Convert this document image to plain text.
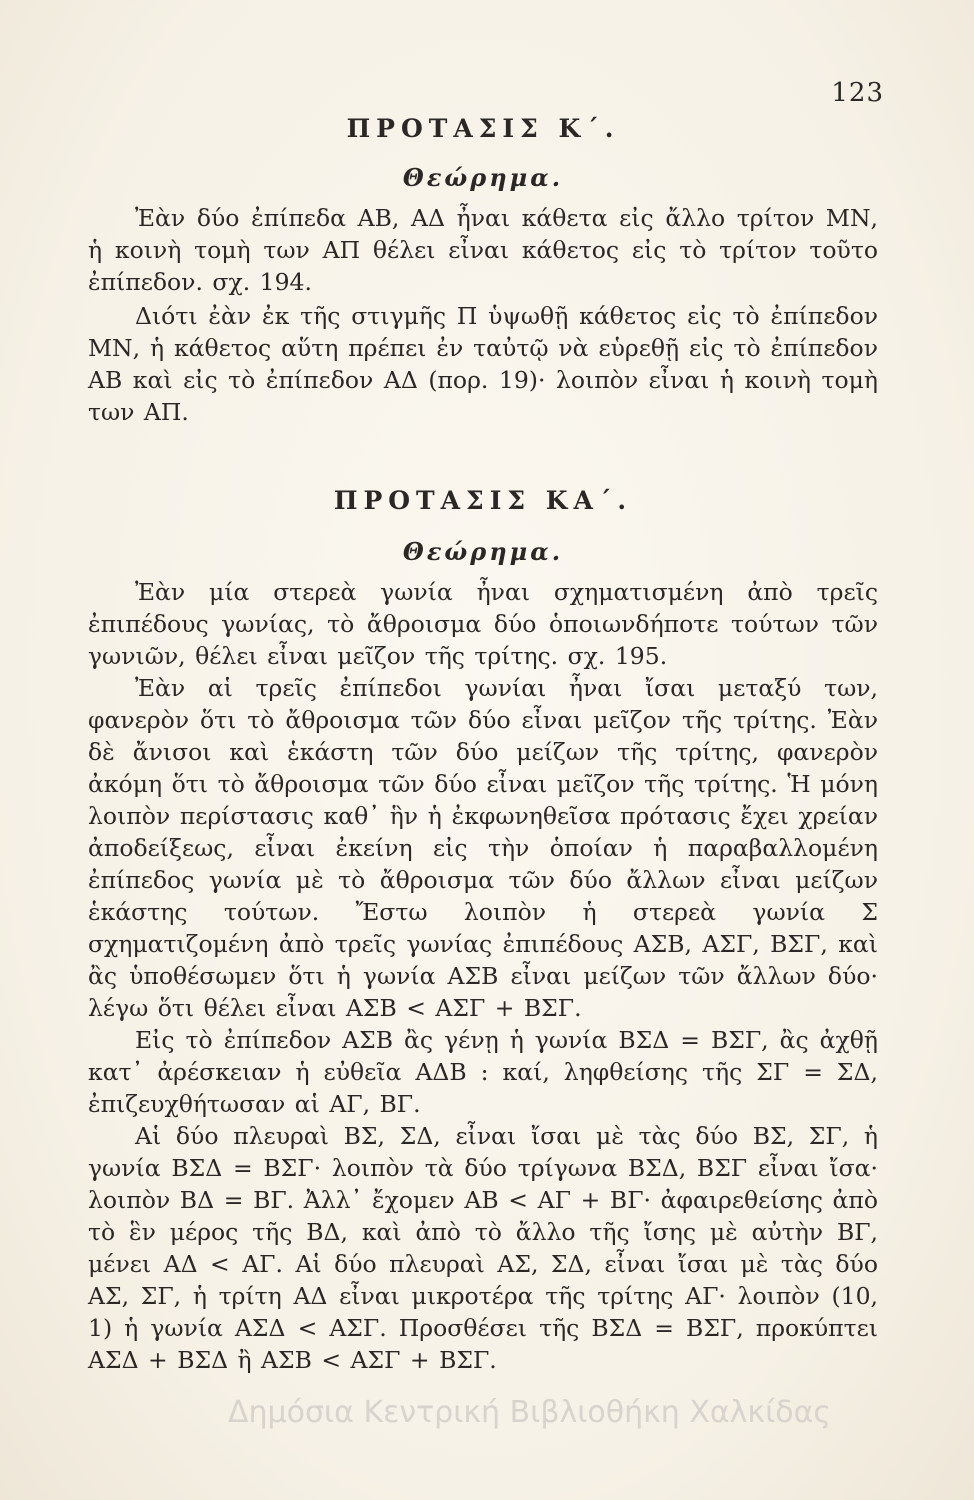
123
ΠΡΟΤΑΣΙΣ Κ΄.
Θεώρημα.

Ἐὰν δύο ἐπίπεδα ΑΒ, ΑΔ ἦναι κάθετα εἰς ἄλλο τρίτον ΜΝ, ἡ κοινὴ τομὴ των ΑΠ θέλει εἶναι κάθετος εἰς τὸ τρίτον τοῦτο ἐπίπεδον. σχ. 194.

Διότι ἐὰν ἐκ τῆς στιγμῆς Π ὑψωθῇ κάθετος εἰς τὸ ἐπίπεδον ΜΝ, ἡ κάθετος αὕτη πρέπει ἐν ταὐτῷ νὰ εὑρεθῇ εἰς τὸ ἐπίπεδον ΑΒ καὶ εἰς τὸ ἐπίπεδον ΑΔ (πορ. 19)· λοιπὸν εἶναι ἡ κοινὴ τομὴ των ΑΠ.

ΠΡΟΤΑΣΙΣ ΚΑ΄.
Θεώρημα.

Ἐὰν μία στερεὰ γωνία ἦναι σχηματισμένη ἀπὸ τρεῖς ἐπιπέδους γωνίας, τὸ ἄθροισμα δύο ὁποιωνδήποτε τούτων τῶν γωνιῶν, θέλει εἶναι μεῖζον τῆς τρίτης. σχ. 195.

Ἐὰν αἱ τρεῖς ἐπίπεδοι γωνίαι ἦναι ἴσαι μεταξύ των, φανερὸν ὅτι τὸ ἄθροισμα τῶν δύο εἶναι μεῖζον τῆς τρίτης. Ἐὰν δὲ ἄνισοι καὶ ἑκάστη τῶν δύο μείζων τῆς τρίτης, φανερὸν ἀκόμη ὅτι τὸ ἄθροισμα τῶν δύο εἶναι μεῖζον τῆς τρίτης. Ἡ μόνη λοιπὸν περίστασις καθ᾽ ἣν ἡ ἐκφωνηθεῖσα πρότασις ἔχει χρείαν ἀποδείξεως, εἶναι ἐκείνη εἰς τὴν ὁποίαν ἡ παραβαλλομένη ἐπίπεδος γωνία μὲ τὸ ἄθροισμα τῶν δύο ἄλλων εἶναι μείζων ἑκάστης τούτων. Ἔστω λοιπὸν ἡ στερεὰ γωνία Σ σχηματιζομένη ἀπὸ τρεῖς γωνίας ἐπιπέδους ΑΣΒ, ΑΣΓ, ΒΣΓ, καὶ ἂς ὑποθέσωμεν ὅτι ἡ γωνία ΑΣΒ εἶναι μείζων τῶν ἄλλων δύο· λέγω ὅτι θέλει εἶναι ΑΣΒ < ΑΣΓ + ΒΣΓ.

Εἰς τὸ ἐπίπεδον ΑΣΒ ἂς γένῃ ἡ γωνία ΒΣΔ = ΒΣΓ, ἂς ἀχθῇ κατ᾽ ἀρέσκειαν ἡ εὐθεῖα ΑΔΒ : καί, ληφθείσης τῆς ΣΓ = ΣΔ, ἐπιζευχθήτωσαν αἱ ΑΓ, ΒΓ.

Αἱ δύο πλευραὶ ΒΣ, ΣΔ, εἶναι ἴσαι μὲ τὰς δύο ΒΣ, ΣΓ, ἡ γωνία ΒΣΔ = ΒΣΓ· λοιπὸν τὰ δύο τρίγωνα ΒΣΔ, ΒΣΓ εἶναι ἴσα· λοιπὸν ΒΔ = ΒΓ. Ἀλλ᾽ ἔχομεν ΑΒ < ΑΓ + ΒΓ· ἀφαιρεθείσης ἀπὸ τὸ ἓν μέρος τῆς ΒΔ, καὶ ἀπὸ τὸ ἄλλο τῆς ἴσης μὲ αὐτὴν ΒΓ, μένει ΑΔ < ΑΓ. Αἱ δύο πλευραὶ ΑΣ, ΣΔ, εἶναι ἴσαι μὲ τὰς δύο ΑΣ, ΣΓ, ἡ τρίτη ΑΔ εἶναι μικροτέρα τῆς τρίτης ΑΓ· λοιπὸν (10, 1) ἡ γωνία ΑΣΔ < ΑΣΓ. Προσθέσει τῆς ΒΣΔ = ΒΣΓ, προκύπτει ΑΣΔ + ΒΣΔ ἢ ΑΣΒ < ΑΣΓ + ΒΣΓ.

Δημόσια Κεντρική Βιβλιοθήκη Χαλκίδας
